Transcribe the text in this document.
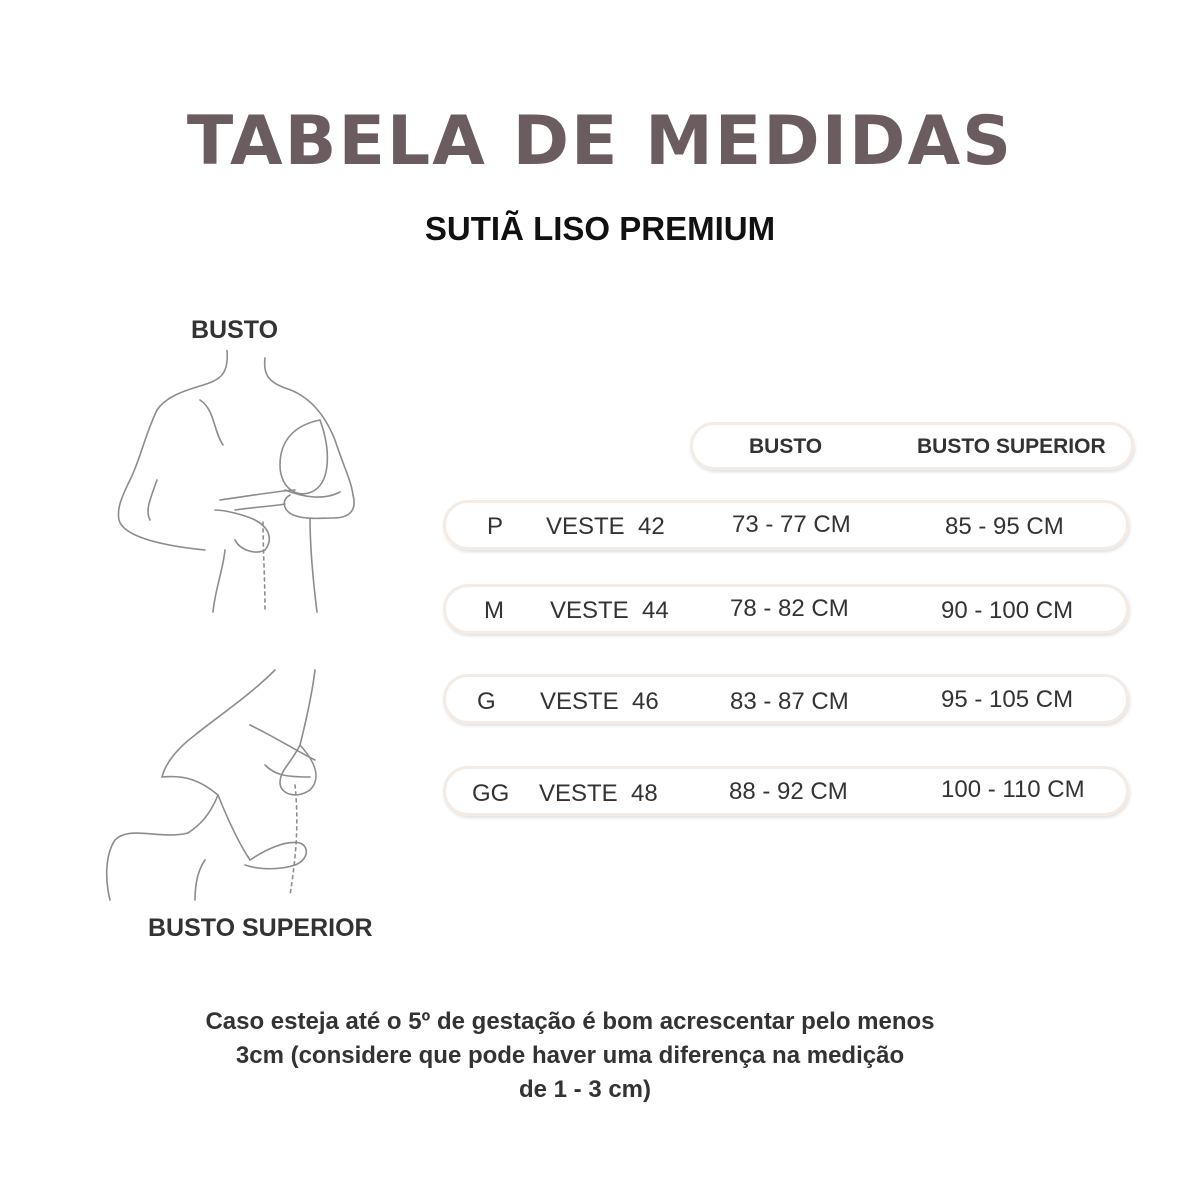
TABELA DE MEDIDAS
SUTIÃ LISO PREMIUM
BUSTO
BUSTO SUPERIOR
BUSTO	BUSTO SUPERIOR
P VESTE  42	73 - 77 CM	85 - 95 CM
M VESTE  44	78 - 82 CM	90 - 100 CM
G VESTE  46	83 - 87 CM	95 - 105 CM
GG VESTE  48	88 - 92 CM	100 - 110 CM

Caso esteja até o 5º de gestação é bom acrescentar pelo menos
3cm (considere que pode haver uma diferença na medição
de 1 - 3 cm)
